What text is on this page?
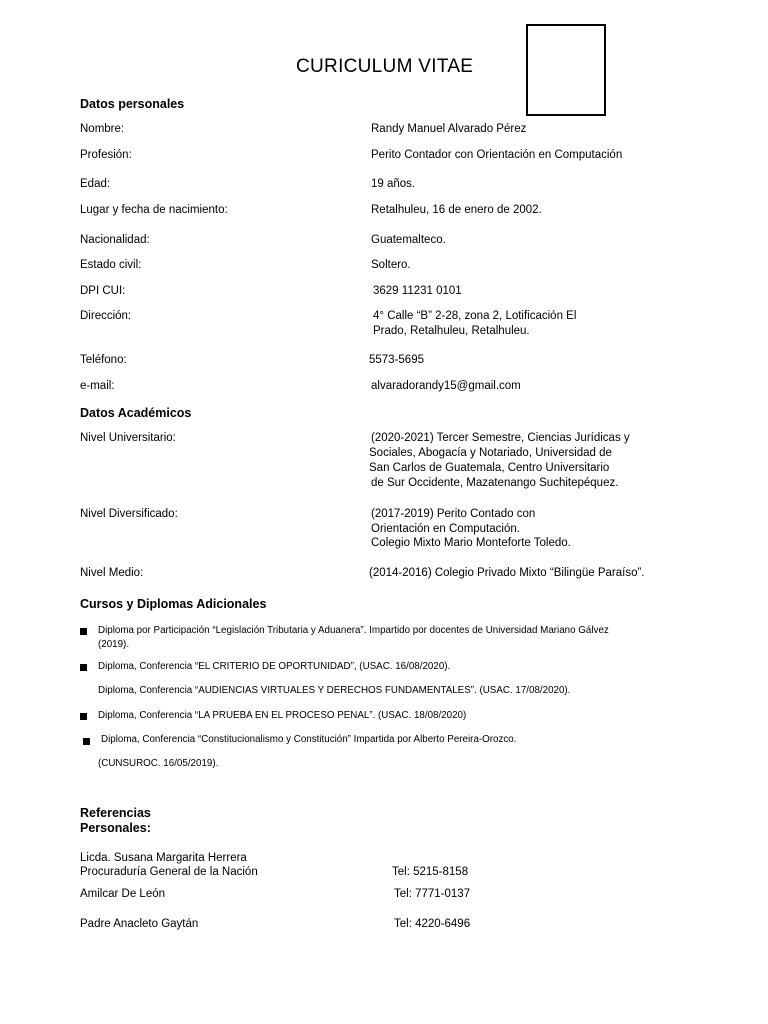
CURICULUM VITAE
Datos personales
Nombre:	Randy Manuel Alvarado Pérez
Profesión:	Perito Contador con Orientación en Computación
Edad:	19 años.
Lugar y fecha de nacimiento:	Retalhuleu, 16 de enero de 2002.
Nacionalidad:	Guatemalteco.
Estado civil:	Soltero.
DPI CUI:	3629 11231 0101
Dirección:	4° Calle “B” 2-28, zona 2, Lotificación El
Prado, Retalhuleu, Retalhuleu.
Teléfono:	5573-5695
e-mail:	alvaradorandy15@gmail.com
Datos Académicos
Nivel Universitario:	(2020-2021) Tercer Semestre, Ciencias Jurídicas y
Sociales, Abogacía y Notariado, Universidad de
San Carlos de Guatemala, Centro Universitario
de Sur Occidente, Mazatenango Suchitepéquez.
Nivel Diversificado:	(2017-2019) Perito Contado con
Orientación en Computación.
Colegio Mixto Mario Monteforte Toledo.
Nivel Medio:	(2014-2016) Colegio Privado Mixto “Bilingüe Paraíso”.
Cursos y Diplomas Adicionales
Diploma por Participación “Legislación Tributaria y Aduanera”. Impartido por docentes de Universidad Mariano Gálvez
(2019).
Diploma, Conferencia “EL CRITERIO DE OPORTUNIDAD”, (USAC. 16/08/2020).
Diploma, Conferencia “AUDIENCIAS VIRTUALES Y DERECHOS FUNDAMENTALES”. (USAC. 17/08/2020).
Diploma, Conferencia “LA PRUEBA EN EL PROCESO PENAL”. (USAC. 18/08/2020)
Diploma, Conferencia “Constitucionalismo y Constitución” Impartida por Alberto Pereira-Orozco.
(CUNSUROC. 16/05/2019).
Referencias
Personales:
Licda. Susana Margarita Herrera
Procuraduría General de la Nación	Tel: 5215-8158
Amilcar De León	Tel: 7771-0137
Padre Anacleto Gaytán	Tel: 4220-6496
